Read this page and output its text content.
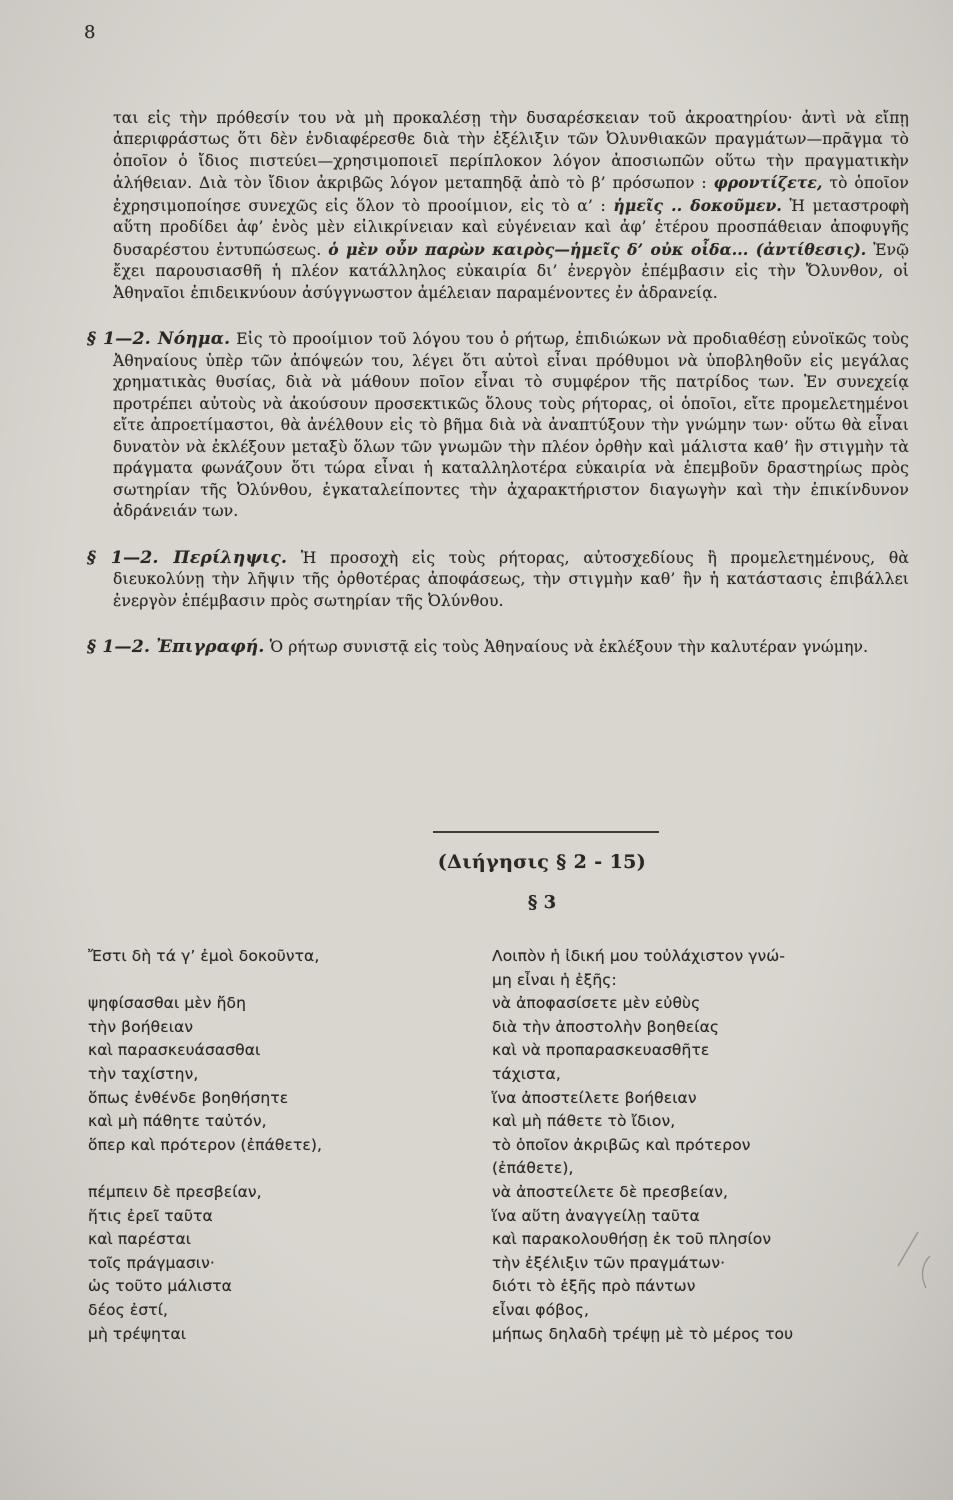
8

ται εἰς τὴν πρόθεσίν του νὰ μὴ προκαλέσῃ τὴν δυσαρέσκειαν τοῦ ἀκροατηρίου· ἀντὶ νὰ εἴπῃ ἀπεριφράστως ὅτι δὲν ἐνδιαφέρεσθε διὰ τὴν ἐξέλιξιν τῶν Ὀλυνθιακῶν πραγμάτων—πρᾶγμα τὸ ὁποῖον ὁ ἴδιος πιστεύει—χρησιμοποιεῖ περίπλοκον λόγον ἀποσιωπῶν οὕτω τὴν πραγματικὴν ἀλήθειαν. Διὰ τὸν ἴδιον ἀκριβῶς λόγον μεταπηδᾷ ἀπὸ τὸ β’ πρόσωπον : φροντίζετε, τὸ ὁποῖον ἐχρησιμοποίησε συνεχῶς εἰς ὅλον τὸ προοίμιον, εἰς τὸ α’ : ἡμεῖς .. δοκοῦμεν. Ἡ μεταστροφὴ αὕτη προδίδει ἀφ’ ἑνὸς μὲν εἰλικρίνειαν καὶ εὐγένειαν καὶ ἀφ’ ἑτέρου προσπάθειαν ἀποφυγῆς δυσαρέστου ἐντυπώσεως. ὁ μὲν οὖν παρὼν καιρὸς—ἡμεῖς δ’ οὐκ οἶδα... (ἀντίθεσις). Ἐνῷ ἔχει παρουσιασθῆ ἡ πλέον κατάλληλος εὐκαιρία δι’ ἐνεργὸν ἐπέμβασιν εἰς τὴν Ὄλυνθον, οἱ Ἀθηναῖοι ἐπιδεικνύουν ἀσύγγνωστον ἀμέλειαν παραμένοντες ἐν ἀδρανείᾳ.

§ 1—2. Νόημα. Εἰς τὸ προοίμιον τοῦ λόγου του ὁ ρήτωρ, ἐπιδιώκων νὰ προδιαθέσῃ εὐνοϊκῶς τοὺς Ἀθηναίους ὑπὲρ τῶν ἀπόψεών του, λέγει ὅτι αὐτοὶ εἶναι πρόθυμοι νὰ ὑποβληθοῦν εἰς μεγάλας χρηματικὰς θυσίας, διὰ νὰ μάθουν ποῖον εἶναι τὸ συμφέρον τῆς πατρίδος των. Ἐν συνεχείᾳ προτρέπει αὐτοὺς νὰ ἀκούσουν προσεκτικῶς ὅλους τοὺς ρήτορας, οἱ ὁποῖοι, εἴτε προμελετημένοι εἴτε ἀπροετίμαστοι, θὰ ἀνέλθουν εἰς τὸ βῆμα διὰ νὰ ἀναπτύξουν τὴν γνώμην των· οὕτω θὰ εἶναι δυνατὸν νὰ ἐκλέξουν μεταξὺ ὅλων τῶν γνωμῶν τὴν πλέον ὀρθὴν καὶ μάλιστα καθ’ ἣν στιγμὴν τὰ πράγματα φωνάζουν ὅτι τώρα εἶναι ἡ καταλληλοτέρα εὐκαιρία νὰ ἐπεμβοῦν δραστηρίως πρὸς σωτηρίαν τῆς Ὀλύνθου, ἐγκαταλείποντες τὴν ἀχαρακτήριστον διαγωγὴν καὶ τὴν ἐπικίνδυνον ἀδράνειάν των.

§ 1—2. Περίληψις. Ἡ προσοχὴ εἰς τοὺς ρήτορας, αὐτοσχεδίους ἢ προμελετημένους, θὰ διευκολύνῃ τὴν λῆψιν τῆς ὀρθοτέρας ἀποφάσεως, τὴν στιγμὴν καθ’ ἣν ἡ κατάστασις ἐπιβάλλει ἐνεργὸν ἐπέμβασιν πρὸς σωτηρίαν τῆς Ὀλύνθου.

§ 1—2. Ἐπιγραφή. Ὁ ρήτωρ συνιστᾷ εἰς τοὺς Ἀθηναίους νὰ ἐκλέξουν τὴν καλυτέραν γνώμην.

(Διήγησις § 2 - 15)
§ 3
Ἔστι δὴ τά γ’ ἐμοὶ δοκοῦντα,

ψηφίσασθαι μὲν ἤδη
τὴν βοήθειαν
καὶ παρασκευάσασθαι
τὴν ταχίστην,
ὅπως ἐνθένδε βοηθήσητε
καὶ μὴ πάθητε ταὐτόν,
ὅπερ καὶ πρότερον (ἐπάθετε),

πέμπειν δὲ πρεσβείαν,
ἥτις ἐρεῖ ταῦτα
καὶ παρέσται
τοῖς πράγμασιν·
ὡς τοῦτο μάλιστα
δέος ἐστί,
μὴ τρέψηται
Λοιπὸν ἡ ἰδική μου τοὐλάχιστον γνώ-
μη εἶναι ἡ ἑξῆς:
νὰ ἀποφασίσετε μὲν εὐθὺς
διὰ τὴν ἀποστολὴν βοηθείας
καὶ νὰ προπαρασκευασθῆτε
τάχιστα,
ἵνα ἀποστείλετε βοήθειαν
καὶ μὴ πάθετε τὸ ἴδιον,
τὸ ὁποῖον ἀκριβῶς καὶ πρότερον
(ἐπάθετε),
νὰ ἀποστείλετε δὲ πρεσβείαν,
ἵνα αὕτη ἀναγγείλῃ ταῦτα
καὶ παρακολουθήσῃ ἐκ τοῦ πλησίον
τὴν ἐξέλιξιν τῶν πραγμάτων·
διότι τὸ ἑξῆς πρὸ πάντων
εἶναι φόβος,
μήπως δηλαδὴ τρέψῃ μὲ τὸ μέρος του
